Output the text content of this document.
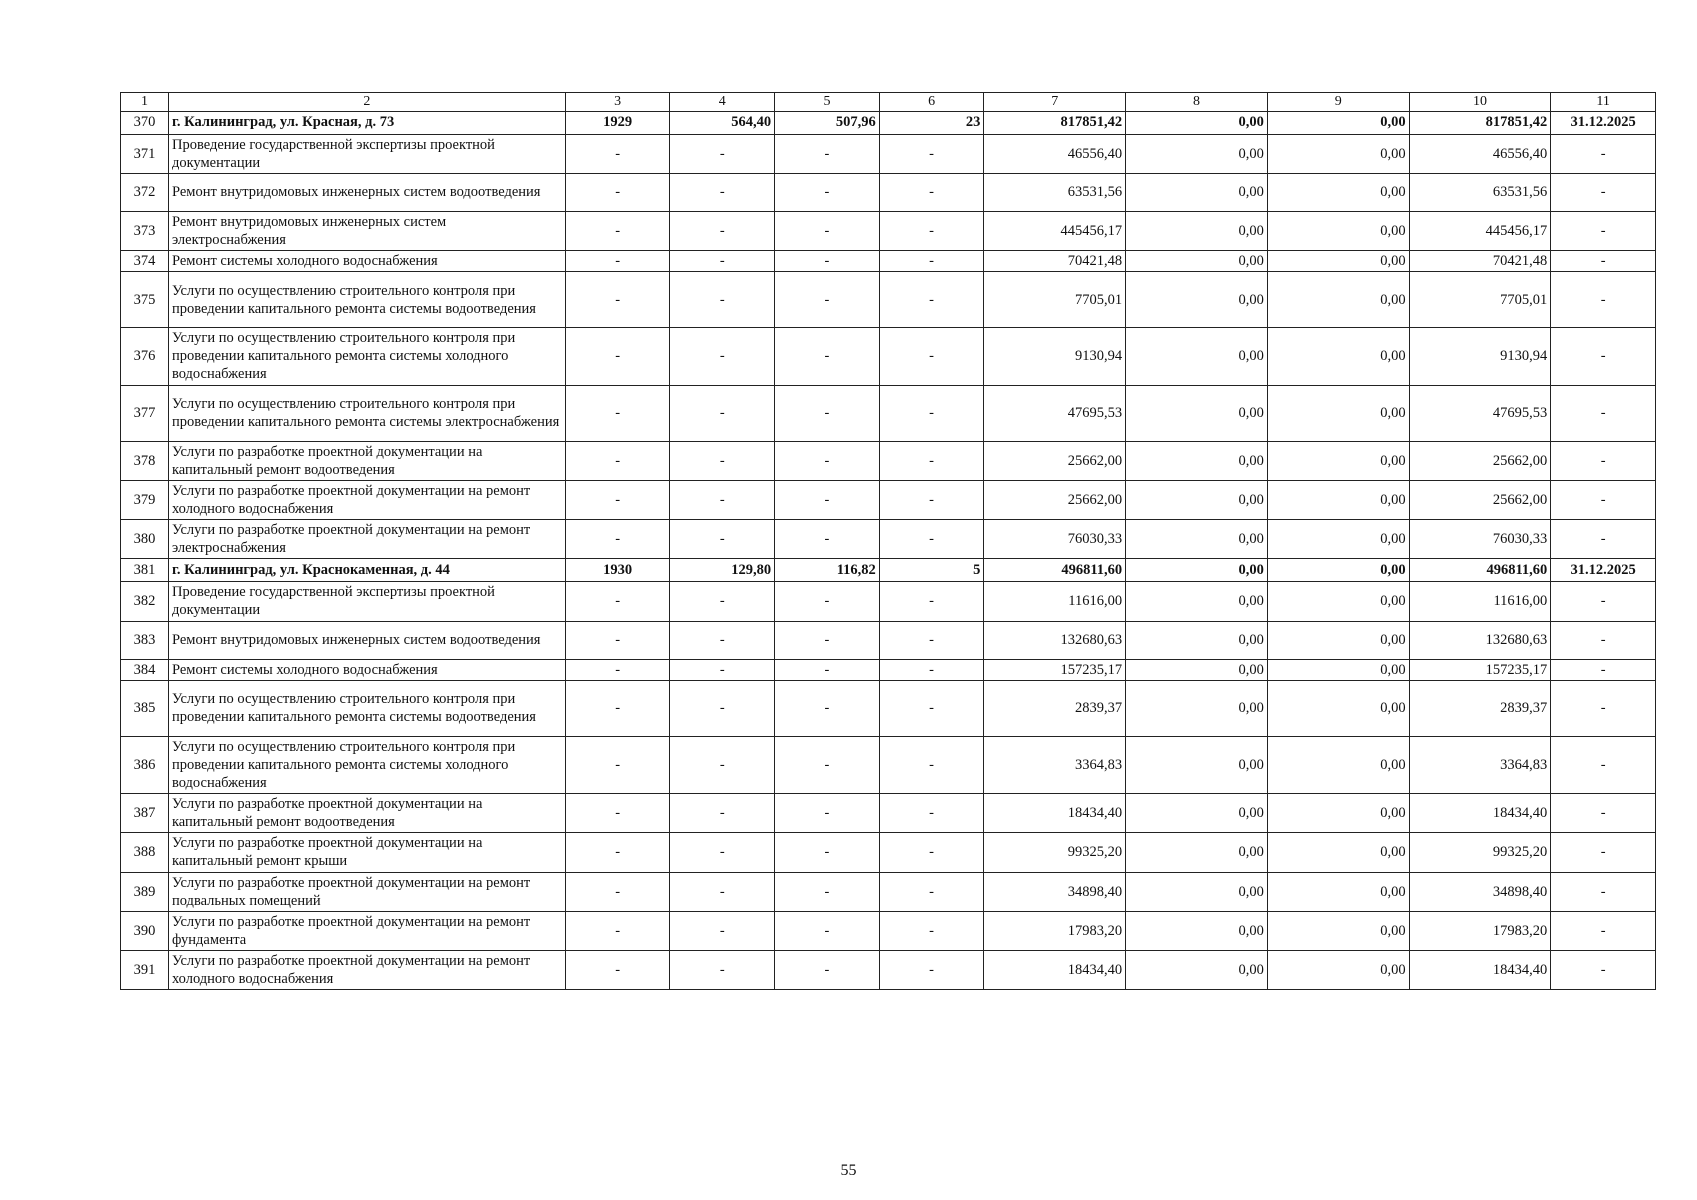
1	2	3	4	5	6	7	8	9	10	11
370	г. Калининград, ул. Красная, д. 73	1929	564,40	507,96	23	817851,42	0,00	0,00	817851,42	31.12.2025
371	Проведение государственной экспертизы проектной документации	-	-	-	-	46556,40	0,00	0,00	46556,40	-
372	Ремонт внутридомовых инженерных систем водоотведения	-	-	-	-	63531,56	0,00	0,00	63531,56	-
373	Ремонт внутридомовых инженерных систем электроснабжения	-	-	-	-	445456,17	0,00	0,00	445456,17	-
374	Ремонт системы холодного водоснабжения	-	-	-	-	70421,48	0,00	0,00	70421,48	-
375	Услуги по осуществлению строительного контроля при проведении капитального ремонта системы водоотведения	-	-	-	-	7705,01	0,00	0,00	7705,01	-
376	Услуги по осуществлению строительного контроля при проведении капитального ремонта системы холодного водоснабжения	-	-	-	-	9130,94	0,00	0,00	9130,94	-
377	Услуги по осуществлению строительного контроля при проведении капитального ремонта системы электроснабжения	-	-	-	-	47695,53	0,00	0,00	47695,53	-
378	Услуги по разработке проектной документации на капитальный ремонт водоотведения	-	-	-	-	25662,00	0,00	0,00	25662,00	-
379	Услуги по разработке проектной документации на ремонт холодного водоснабжения	-	-	-	-	25662,00	0,00	0,00	25662,00	-
380	Услуги по разработке проектной документации на ремонт электроснабжения	-	-	-	-	76030,33	0,00	0,00	76030,33	-
381	г. Калининград, ул. Краснокаменная, д. 44	1930	129,80	116,82	5	496811,60	0,00	0,00	496811,60	31.12.2025
382	Проведение государственной экспертизы проектной документации	-	-	-	-	11616,00	0,00	0,00	11616,00	-
383	Ремонт внутридомовых инженерных систем водоотведения	-	-	-	-	132680,63	0,00	0,00	132680,63	-
384	Ремонт системы холодного водоснабжения	-	-	-	-	157235,17	0,00	0,00	157235,17	-
385	Услуги по осуществлению строительного контроля при проведении капитального ремонта системы водоотведения	-	-	-	-	2839,37	0,00	0,00	2839,37	-
386	Услуги по осуществлению строительного контроля при проведении капитального ремонта системы холодного водоснабжения	-	-	-	-	3364,83	0,00	0,00	3364,83	-
387	Услуги по разработке проектной документации на капитальный ремонт водоотведения	-	-	-	-	18434,40	0,00	0,00	18434,40	-
388	Услуги по разработке проектной документации на капитальный ремонт крыши	-	-	-	-	99325,20	0,00	0,00	99325,20	-
389	Услуги по разработке проектной документации на ремонт подвальных помещений	-	-	-	-	34898,40	0,00	0,00	34898,40	-
390	Услуги по разработке проектной документации на ремонт фундамента	-	-	-	-	17983,20	0,00	0,00	17983,20	-
391	Услуги по разработке проектной документации на ремонт холодного водоснабжения	-	-	-	-	18434,40	0,00	0,00	18434,40	-
55
